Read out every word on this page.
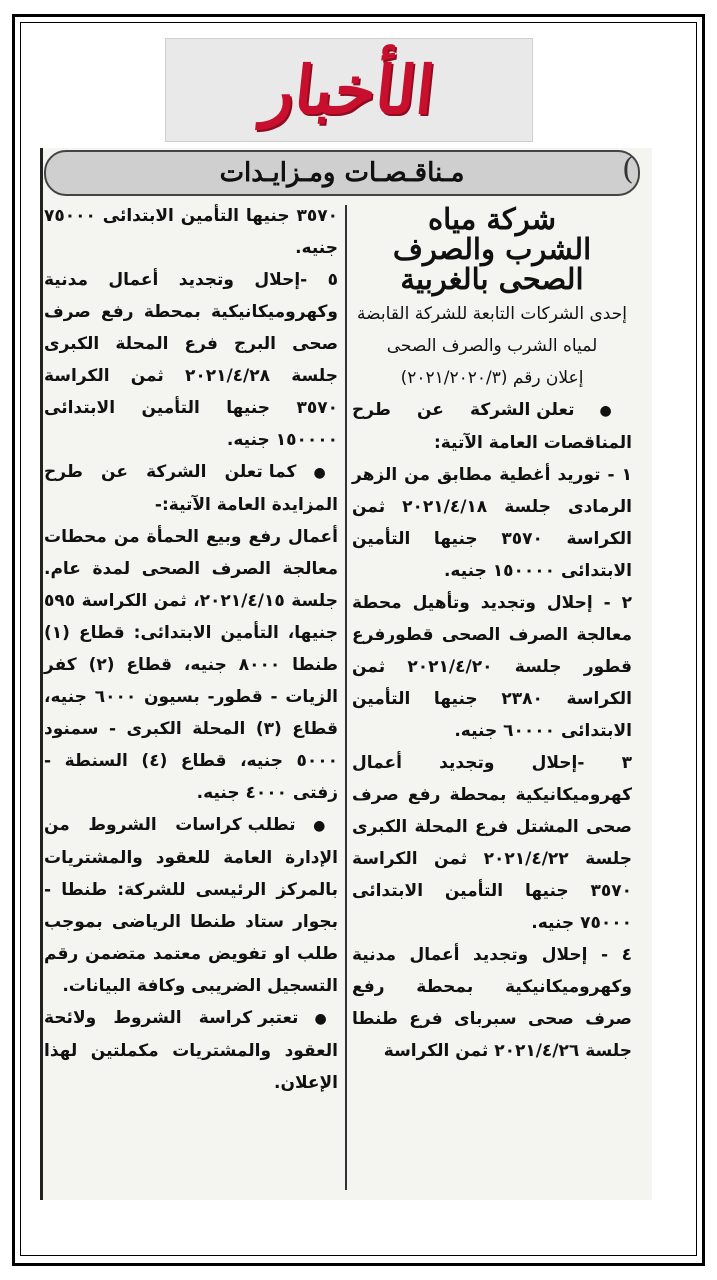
الأخبار
مـناقـصـات ومـزايـدات	(

شركة مياه

الشرب والصرف

الصحى بالغربية

إحدى الشركات التابعة للشركة القابضة لمياه الشرب والصرف الصحى

إعلان رقم (٢٠٢١/٢٠٢٠/٣)

● تعلن الشركة عن طرح المناقصات العامة الآتية:

١ - توريد أغطية مطابق من الزهر الرمادى جلسة ٢٠٢١/٤/١٨ ثمن الكراسة ٣٥٧٠ جنيها التأمين الابتدائى ١٥٠٠٠٠ جنيه.

٢ - إحلال وتجديد وتأهيل محطة معالجة الصرف الصحى قطورفرع قطور جلسة ٢٠٢١/٤/٢٠ ثمن الكراسة ٢٣٨٠ جنيها التأمين الابتدائى ٦٠٠٠٠ جنيه.

٣ -إحلال وتجديد أعمال كهروميكانيكية بمحطة رفع صرف صحى المشتل فرع المحلة الكبرى جلسة ٢٠٢١/٤/٢٢ ثمن الكراسة ٣٥٧٠ جنيها التأمين الابتدائى ٧٥٠٠٠ جنيه.

٤ - إحلال وتجديد أعمال مدنية وكهروميكانيكية بمحطة رفع صرف صحى سبرباى فرع طنطا جلسة ٢٠٢١/٤/٢٦ ثمن الكراسة

٣٥٧٠ جنيها التأمين الابتدائى ٧٥٠٠٠ جنيه.

٥ -إحلال وتجديد أعمال مدنية وكهروميكانيكية بمحطة رفع صرف صحى البرج فرع المحلة الكبرى جلسة ٢٠٢١/٤/٢٨ ثمن الكراسة ٣٥٧٠ جنيها التأمين الابتدائى ١٥٠٠٠٠ جنيه.

● كما تعلن الشركة عن طرح المزايدة العامة الآتية:-

أعمال رفع وبيع الحمأة من محطات معالجة الصرف الصحى لمدة عام. جلسة ٢٠٢١/٤/١٥، ثمن الكراسة ٥٩٥ جنيها، التأمين الابتدائى: قطاع (١) طنطا ٨٠٠٠ جنيه، قطاع (٢) كفر الزيات - قطور- بسيون ٦٠٠٠ جنيه، قطاع (٣) المحلة الكبرى - سمنود ٥٠٠٠ جنيه، قطاع (٤) السنطة - زفتى ٤٠٠٠ جنيه.

● تطلب كراسات الشروط من الإدارة العامة للعقود والمشتريات بالمركز الرئيسى للشركة: طنطا - بجوار ستاد طنطا الرياضى بموجب طلب او تفويض معتمد متضمن رقم التسجيل الضريبى وكافة البيانات.

● تعتبر كراسة الشروط ولائحة العقود والمشتريات مكملتين لهذا الإعلان.
